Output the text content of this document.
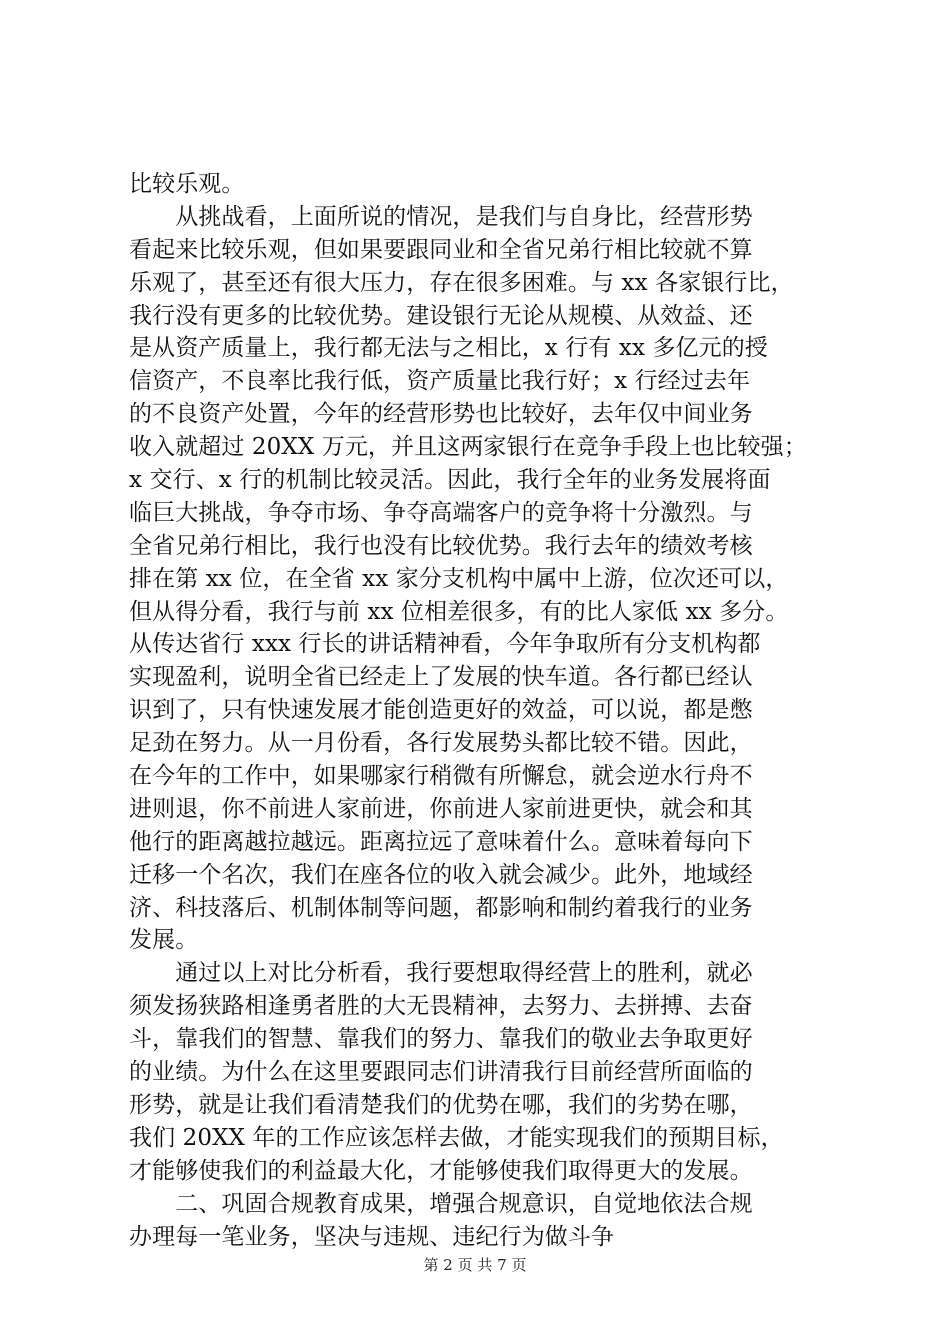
比较乐观。
　　从挑战看，上面所说的情况，是我们与自身比，经营形势
看起来比较乐观，但如果要跟同业和全省兄弟行相比较就不算
乐观了，甚至还有很大压力，存在很多困难。与 xx 各家银行比，
我行没有更多的比较优势。建设银行无论从规模、从效益、还
是从资产质量上，我行都无法与之相比，x 行有 xx 多亿元的授
信资产，不良率比我行低，资产质量比我行好；x 行经过去年
的不良资产处置，今年的经营形势也比较好，去年仅中间业务
收入就超过 20XX 万元，并且这两家银行在竞争手段上也比较强；
x 交行、x 行的机制比较灵活。因此，我行全年的业务发展将面
临巨大挑战，争夺市场、争夺高端客户的竞争将十分激烈。与
全省兄弟行相比，我行也没有比较优势。我行去年的绩效考核
排在第 xx 位，在全省 xx 家分支机构中属中上游，位次还可以，
但从得分看，我行与前 xx 位相差很多，有的比人家低 xx 多分。
从传达省行 xxx 行长的讲话精神看，今年争取所有分支机构都
实现盈利，说明全省已经走上了发展的快车道。各行都已经认
识到了，只有快速发展才能创造更好的效益，可以说，都是憋
足劲在努力。从一月份看，各行发展势头都比较不错。因此，
在今年的工作中，如果哪家行稍微有所懈怠，就会逆水行舟不
进则退，你不前进人家前进，你前进人家前进更快，就会和其
他行的距离越拉越远。距离拉远了意味着什么。意味着每向下
迁移一个名次，我们在座各位的收入就会减少。此外，地域经
济、科技落后、机制体制等问题，都影响和制约着我行的业务
发展。
　　通过以上对比分析看，我行要想取得经营上的胜利，就必
须发扬狭路相逢勇者胜的大无畏精神，去努力、去拼搏、去奋
斗，靠我们的智慧、靠我们的努力、靠我们的敬业去争取更好
的业绩。为什么在这里要跟同志们讲清我行目前经营所面临的
形势，就是让我们看清楚我们的优势在哪，我们的劣势在哪，
我们 20XX 年的工作应该怎样去做，才能实现我们的预期目标，
才能够使我们的利益最大化，才能够使我们取得更大的发展。
　　二、巩固合规教育成果，增强合规意识，自觉地依法合规
办理每一笔业务，坚决与违规、违纪行为做斗争
第 2 页 共 7 页
